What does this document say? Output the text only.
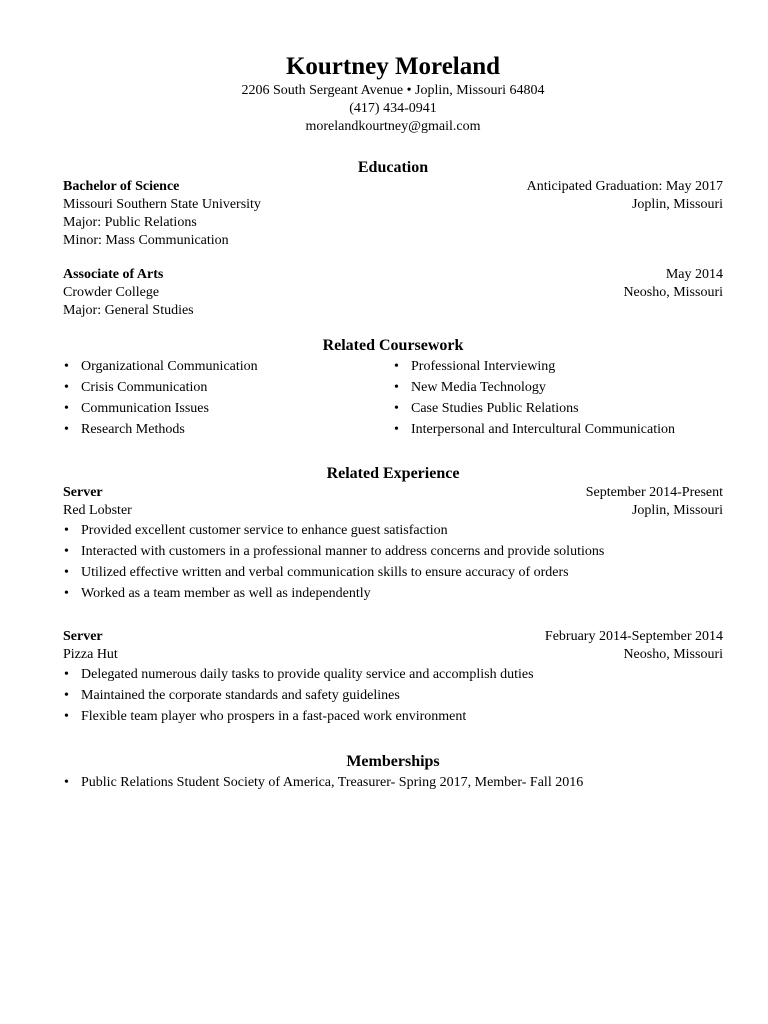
Kourtney Moreland
2206 South Sergeant Avenue • Joplin, Missouri 64804
(417) 434-0941
morelandkourtney@gmail.com
Education
Bachelor of Science	Anticipated Graduation: May 2017
Missouri Southern State University	Joplin, Missouri
Major: Public Relations
Minor: Mass Communication
Associate of Arts	May 2014
Crowder College	Neosho, Missouri
Major: General Studies
Related Coursework
• Organizational Communication
• Crisis Communication
• Communication Issues
• Research Methods
• Professional Interviewing
• New Media Technology
• Case Studies Public Relations
• Interpersonal and Intercultural Communication
Related Experience
Server	September 2014-Present
Red Lobster	Joplin, Missouri
• Provided excellent customer service to enhance guest satisfaction
• Interacted with customers in a professional manner to address concerns and provide solutions
• Utilized effective written and verbal communication skills to ensure accuracy of orders
• Worked as a team member as well as independently
Server	February 2014-September 2014
Pizza Hut	Neosho, Missouri
• Delegated numerous daily tasks to provide quality service and accomplish duties
• Maintained the corporate standards and safety guidelines
• Flexible team player who prospers in a fast-paced work environment
Memberships
• Public Relations Student Society of America, Treasurer- Spring 2017, Member- Fall 2016
